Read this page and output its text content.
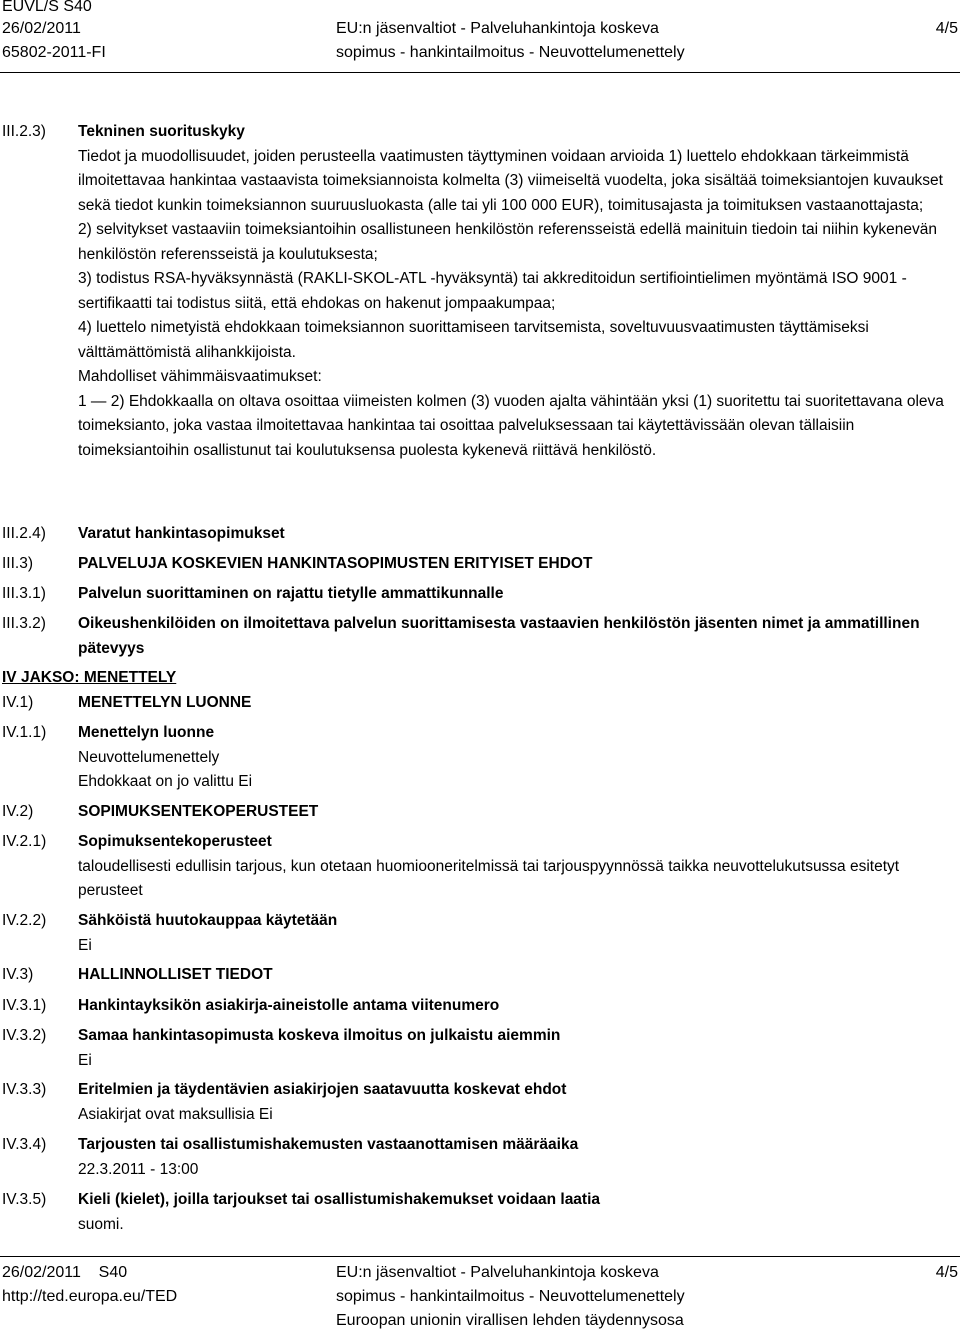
EUVL/S S40
26/02/2011
65802-2011-FI
EU:n jäsenvaltiot - Palveluhankintoja koskeva
sopimus - hankintailmoitus - Neuvottelumenettely
4/5
III.2.3)	Tekninen suorituskyky
Tiedot ja muodollisuudet, joiden perusteella vaatimusten täyttyminen voidaan arvioida 1) luettelo ehdokkaan tärkeimmistä ilmoitettavaa hankintaa vastaavista toimeksiannoista kolmelta (3) viimeiseltä vuodelta, joka sisältää toimeksiantojen kuvaukset sekä tiedot kunkin toimeksiannon suuruusluokasta (alle tai yli 100 000 EUR), toimitusajasta ja toimituksen vastaanottajasta;
2) selvitykset vastaaviin toimeksiantoihin osallistuneen henkilöstön referensseistä edellä mainituin tiedoin tai niihin kykenevän henkilöstön referensseistä ja koulutuksesta;
3) todistus RSA-hyväksynnästä (RAKLI-SKOL-ATL -hyväksyntä) tai akkreditoidun sertifiointielimen myöntämä ISO 9001 -sertifikaatti tai todistus siitä, että ehdokas on hakenut jompaakumpaa;
4) luettelo nimetyistä ehdokkaan toimeksiannon suorittamiseen tarvitsemista, soveltuvuusvaatimusten täyttämiseksi välttämättömistä alihankkijoista.
Mahdolliset vähimmäisvaatimukset:
1 — 2) Ehdokkaalla on oltava osoittaa viimeisten kolmen (3) vuoden ajalta vähintään yksi (1) suoritettu tai suoritettavana oleva toimeksianto, joka vastaa ilmoitettavaa hankintaa tai osoittaa palveluksessaan tai käytettävissään olevan tällaisiin toimeksiantoihin osallistunut tai koulutuksensa puolesta kykenevä riittävä henkilöstö.
III.2.4)	Varatut hankintasopimukset
III.3)	PALVELUJA KOSKEVIEN HANKINTASOPIMUSTEN ERITYISET EHDOT
III.3.1)	Palvelun suorittaminen on rajattu tietylle ammattikunnalle
III.3.2)	Oikeushenkilöiden on ilmoitettava palvelun suorittamisesta vastaavien henkilöstön jäsenten nimet ja ammatillinen pätevyys
IV JAKSO: MENETTELY
IV.1)	MENETTELYN LUONNE
IV.1.1)	Menettelyn luonne
Neuvottelumenettely
Ehdokkaat on jo valittu Ei
IV.2)	SOPIMUKSENTEKOPERUSTEET
IV.2.1)	Sopimuksentekoperusteet
taloudellisesti edullisin tarjous, kun otetaan huomiooneritelmissä tai tarjouspyynnössä taikka neuvottelukutsussa esitetyt perusteet
IV.2.2)	Sähköistä huutokauppaa käytetään
Ei
IV.3)	HALLINNOLLISET TIEDOT
IV.3.1)	Hankintayksikön asiakirja-aineistolle antama viitenumero
IV.3.2)	Samaa hankintasopimusta koskeva ilmoitus on julkaistu aiemmin
Ei
IV.3.3)	Eritelmien ja täydentävien asiakirjojen saatavuutta koskevat ehdot
Asiakirjat ovat maksullisia Ei
IV.3.4)	Tarjousten tai osallistumishakemusten vastaanottamisen määräaika
22.3.2011 - 13:00
IV.3.5)	Kieli (kielet), joilla tarjoukset tai osallistumishakemukset voidaan laatia
suomi.
26/02/2011 S40
http://ted.europa.eu/TED
EU:n jäsenvaltiot - Palveluhankintoja koskeva
sopimus - hankintailmoitus - Neuvottelumenettely
Euroopan unionin virallisen lehden täydennysosa
4/5
